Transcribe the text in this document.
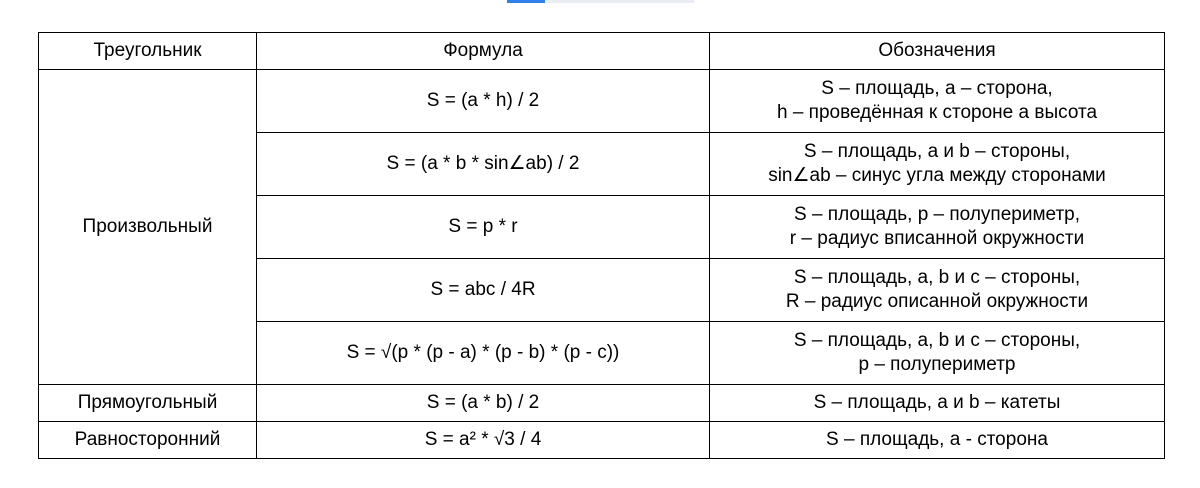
Треугольник	Формула	Обозначения
Произвольный	S = (a * h) / 2	S – площадь, a – сторона,
h – проведённая к стороне a высота

	S = (a * b * sin∠ab) / 2	S – площадь, a и b – стороны,
sin∠ab – синус угла между сторонами

	S = p * r	S – площадь, p – полупериметр,
r – радиус вписанной окружности

	S = abc / 4R	S – площадь, a, b и c – стороны,
R – радиус описанной окружности

	S = √(p * (p - a) * (p - b) * (p - c))	S – площадь, a, b и c – стороны,
p – полупериметр

Прямоугольный	S = (a * b) / 2	S – площадь, a и b – катеты
Равносторонний	S = a² * √3 / 4	S – площадь, a - сторона
